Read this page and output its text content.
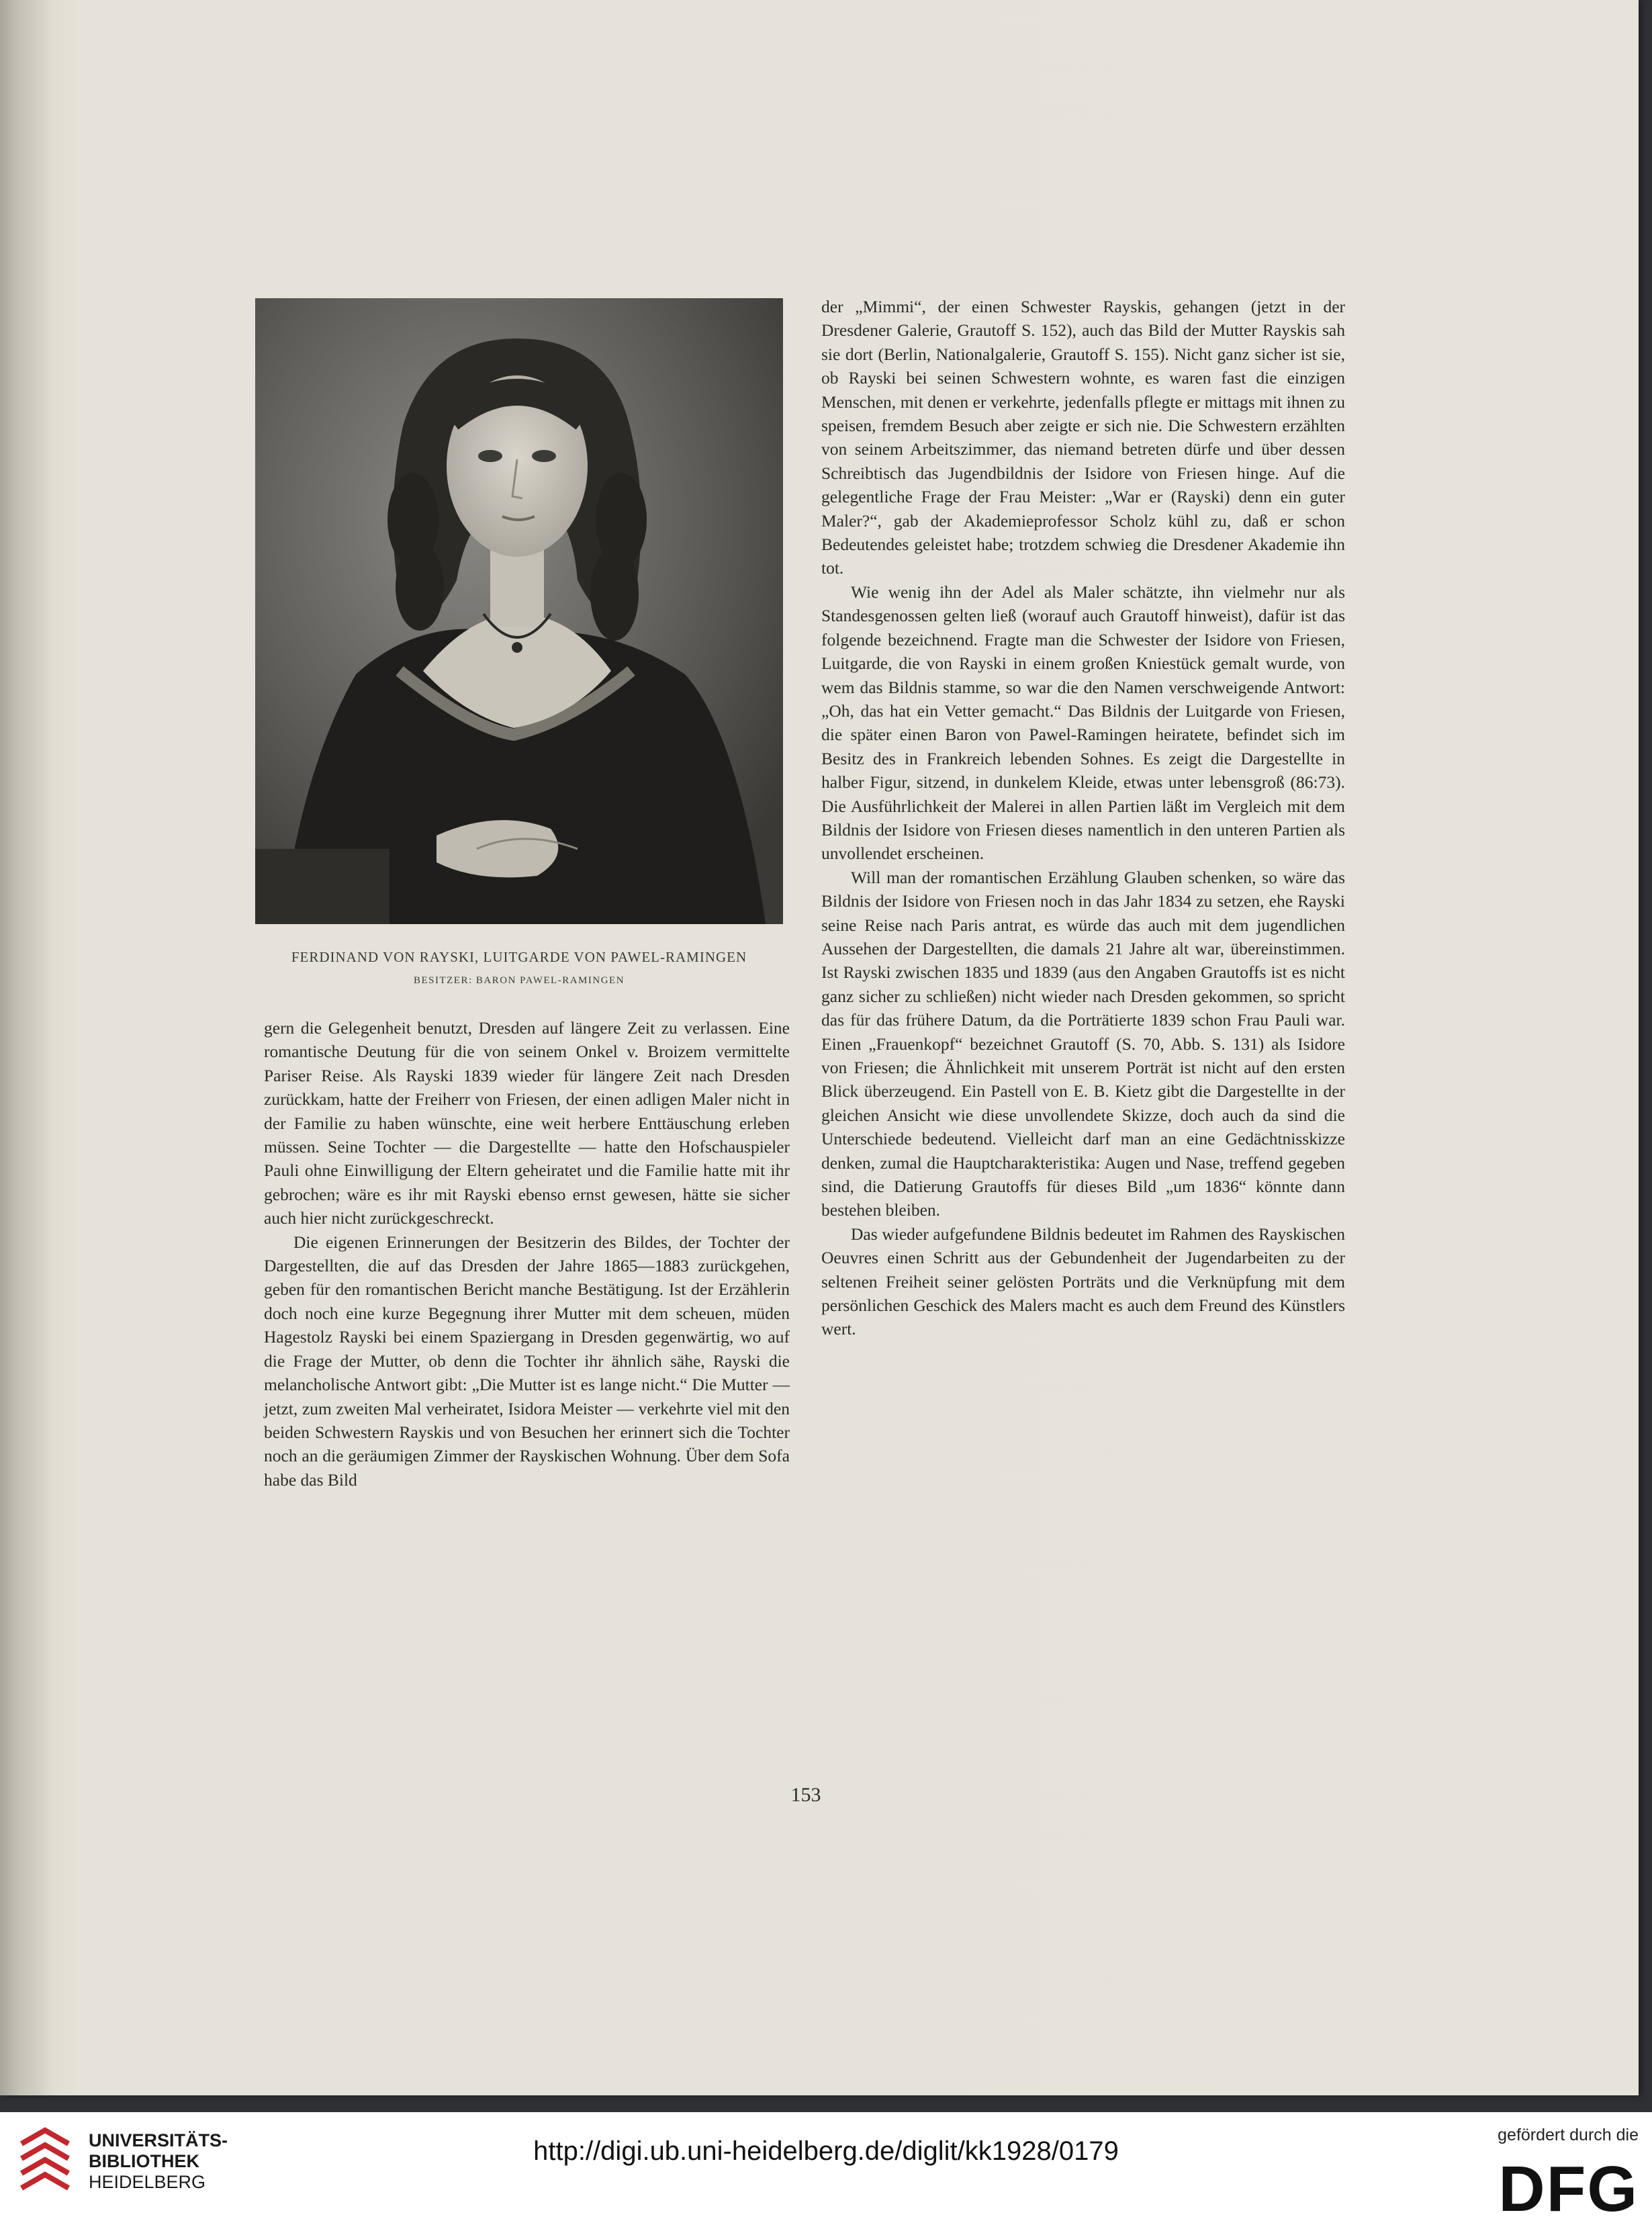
FERDINAND VON RAYSKI, LUITGARDE VON PAWEL-RAMINGEN
BESITZER: BARON PAWEL-RAMINGEN

gern die Gelegenheit benutzt, Dresden auf längere Zeit zu verlassen. Eine romantische Deutung für die von seinem Onkel v. Broizem vermittelte Pariser Reise. Als Rayski 1839 wieder für längere Zeit nach Dresden zurückkam, hatte der Freiherr von Friesen, der einen adligen Maler nicht in der Familie zu haben wünschte, eine weit herbere Enttäuschung erleben müssen. Seine Tochter — die Dargestellte — hatte den Hofschauspieler Pauli ohne Einwilligung der Eltern geheiratet und die Familie hatte mit ihr gebrochen; wäre es ihr mit Rayski ebenso ernst gewesen, hätte sie sicher auch hier nicht zurückgeschreckt.

Die eigenen Erinnerungen der Besitzerin des Bildes, der Tochter der Dargestellten, die auf das Dresden der Jahre 1865—1883 zurückgehen, geben für den romantischen Bericht manche Bestätigung. Ist der Erzählerin doch noch eine kurze Begegnung ihrer Mutter mit dem scheuen, müden Hagestolz Rayski bei einem Spaziergang in Dresden gegenwärtig, wo auf die Frage der Mutter, ob denn die Tochter ihr ähnlich sähe, Rayski die melancholische Antwort gibt: „Die Mutter ist es lange nicht.“ Die Mutter — jetzt, zum zweiten Mal verheiratet, Isidora Meister — verkehrte viel mit den beiden Schwestern Rayskis und von Besuchen her erinnert sich die Tochter noch an die geräumigen Zimmer der Rayskischen Wohnung. Über dem Sofa habe das Bild

der „Mimmi“, der einen Schwester Rayskis, gehangen (jetzt in der Dresdener Galerie, Grautoff S. 152), auch das Bild der Mutter Rayskis sah sie dort (Berlin, Nationalgalerie, Grautoff S. 155). Nicht ganz sicher ist sie, ob Rayski bei seinen Schwestern wohnte, es waren fast die einzigen Menschen, mit denen er verkehrte, jedenfalls pflegte er mittags mit ihnen zu speisen, fremdem Besuch aber zeigte er sich nie. Die Schwestern erzählten von seinem Arbeitszimmer, das niemand betreten dürfe und über dessen Schreibtisch das Jugendbildnis der Isidore von Friesen hinge. Auf die gelegentliche Frage der Frau Meister: „War er (Rayski) denn ein guter Maler?“, gab der Akademieprofessor Scholz kühl zu, daß er schon Bedeutendes geleistet habe; trotzdem schwieg die Dresdener Akademie ihn tot.

Wie wenig ihn der Adel als Maler schätzte, ihn vielmehr nur als Standesgenossen gelten ließ (worauf auch Grautoff hinweist), dafür ist das folgende bezeichnend. Fragte man die Schwester der Isidore von Friesen, Luitgarde, die von Rayski in einem großen Kniestück gemalt wurde, von wem das Bildnis stamme, so war die den Namen verschweigende Antwort: „Oh, das hat ein Vetter gemacht.“ Das Bildnis der Luitgarde von Friesen, die später einen Baron von Pawel-Ramingen heiratete, befindet sich im Besitz des in Frankreich lebenden Sohnes. Es zeigt die Dargestellte in halber Figur, sitzend, in dunkelem Kleide, etwas unter lebensgroß (86:73). Die Ausführlichkeit der Malerei in allen Partien läßt im Vergleich mit dem Bildnis der Isidore von Friesen dieses namentlich in den unteren Partien als unvollendet erscheinen.

Will man der romantischen Erzählung Glauben schenken, so wäre das Bildnis der Isidore von Friesen noch in das Jahr 1834 zu setzen, ehe Rayski seine Reise nach Paris antrat, es würde das auch mit dem jugendlichen Aussehen der Dargestellten, die damals 21 Jahre alt war, übereinstimmen. Ist Rayski zwischen 1835 und 1839 (aus den Angaben Grautoffs ist es nicht ganz sicher zu schließen) nicht wieder nach Dresden gekommen, so spricht das für das frühere Datum, da die Porträtierte 1839 schon Frau Pauli war. Einen „Frauenkopf“ bezeichnet Grautoff (S. 70, Abb. S. 131) als Isidore von Friesen; die Ähnlichkeit mit unserem Porträt ist nicht auf den ersten Blick überzeugend. Ein Pastell von E. B. Kietz gibt die Dargestellte in der gleichen Ansicht wie diese unvollendete Skizze, doch auch da sind die Unterschiede bedeutend. Vielleicht darf man an eine Gedächtnisskizze denken, zumal die Hauptcharakteristika: Augen und Nase, treffend gegeben sind, die Datierung Grautoffs für dieses Bild „um 1836“ könnte dann bestehen bleiben.

Das wieder aufgefundene Bildnis bedeutet im Rahmen des Rayskischen Oeuvres einen Schritt aus der Gebundenheit der Jugendarbeiten zu der seltenen Freiheit seiner gelösten Porträts und die Verknüpfung mit dem persönlichen Geschick des Malers macht es auch dem Freund des Künstlers wert.

153
UNIVERSITÄTS-
BIBLIOTHEK
HEIDELBERG
http://digi.ub.uni-heidelberg.de/diglit/kk1928/0179
gefördert durch die
DFG
